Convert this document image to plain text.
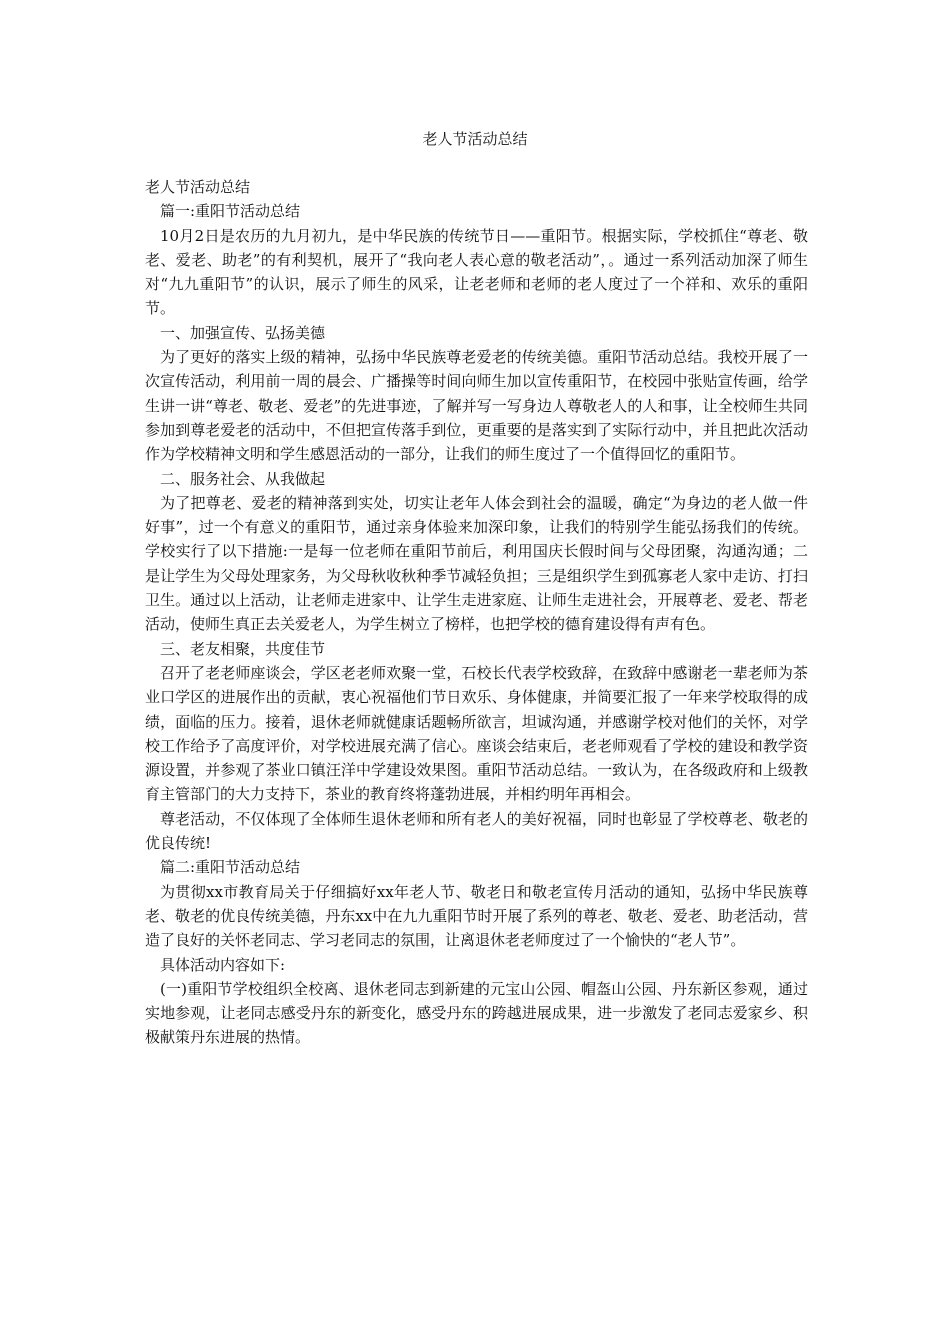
老人节活动总结

老人节活动总结

篇一:重阳节活动总结

10月2日是农历的九月初九，是中华民族的传统节日——重阳节。根据实际，学校抓住“尊老、敬老、爱老、助老”的有利契机，展开了“我向老人表心意的敬老活动”，。通过一系列活动加深了师生对“九九重阳节”的认识，展示了师生的风采，让老老师和老师的老人度过了一个祥和、欢乐的重阳节。

一、加强宣传、弘扬美德

为了更好的落实上级的精神，弘扬中华民族尊老爱老的传统美德。重阳节活动总结。我校开展了一次宣传活动，利用前一周的晨会、广播操等时间向师生加以宣传重阳节，在校园中张贴宣传画，给学生讲一讲“尊老、敬老、爱老”的先进事迹，了解并写一写身边人尊敬老人的人和事，让全校师生共同参加到尊老爱老的活动中，不但把宣传落手到位，更重要的是落实到了实际行动中，并且把此次活动作为学校精神文明和学生感恩活动的一部分，让我们的师生度过了一个值得回忆的重阳节。

二、服务社会、从我做起

为了把尊老、爱老的精神落到实处，切实让老年人体会到社会的温暖，确定“为身边的老人做一件好事”，过一个有意义的重阳节，通过亲身体验来加深印象，让我们的特别学生能弘扬我们的传统。学校实行了以下措施:一是每一位老师在重阳节前后，利用国庆长假时间与父母团聚，沟通沟通；二是让学生为父母处理家务，为父母秋收秋种季节减轻负担；三是组织学生到孤寡老人家中走访、打扫卫生。通过以上活动，让老师走进家中、让学生走进家庭、让师生走进社会，开展尊老、爱老、帮老活动，使师生真正去关爱老人，为学生树立了榜样，也把学校的德育建设得有声有色。

三、老友相聚，共度佳节

召开了老老师座谈会，学区老老师欢聚一堂，石校长代表学校致辞，在致辞中感谢老一辈老师为茶业口学区的进展作出的贡献，衷心祝福他们节日欢乐、身体健康，并简要汇报了一年来学校取得的成绩，面临的压力。接着，退休老师就健康话题畅所欲言，坦诚沟通，并感谢学校对他们的关怀，对学校工作给予了高度评价，对学校进展充满了信心。座谈会结束后，老老师观看了学校的建设和教学资源设置，并参观了茶业口镇汪洋中学建设效果图。重阳节活动总结。一致认为，在各级政府和上级教育主管部门的大力支持下，茶业的教育终将蓬勃进展，并相约明年再相会。

尊老活动，不仅体现了全体师生退休老师和所有老人的美好祝福，同时也彰显了学校尊老、敬老的优良传统!

篇二:重阳节活动总结

为贯彻xx市教育局关于仔细搞好xx年老人节、敬老日和敬老宣传月活动的通知，弘扬中华民族尊老、敬老的优良传统美德，丹东xx中在九九重阳节时开展了系列的尊老、敬老、爱老、助老活动，营造了良好的关怀老同志、学习老同志的氛围，让离退休老老师度过了一个愉快的“老人节”。

具体活动内容如下:

(一)重阳节学校组织全校离、退休老同志到新建的元宝山公园、帽盔山公园、丹东新区参观，通过实地参观，让老同志感受丹东的新变化，感受丹东的跨越进展成果，进一步激发了老同志爱家乡、积极献策丹东进展的热情。
